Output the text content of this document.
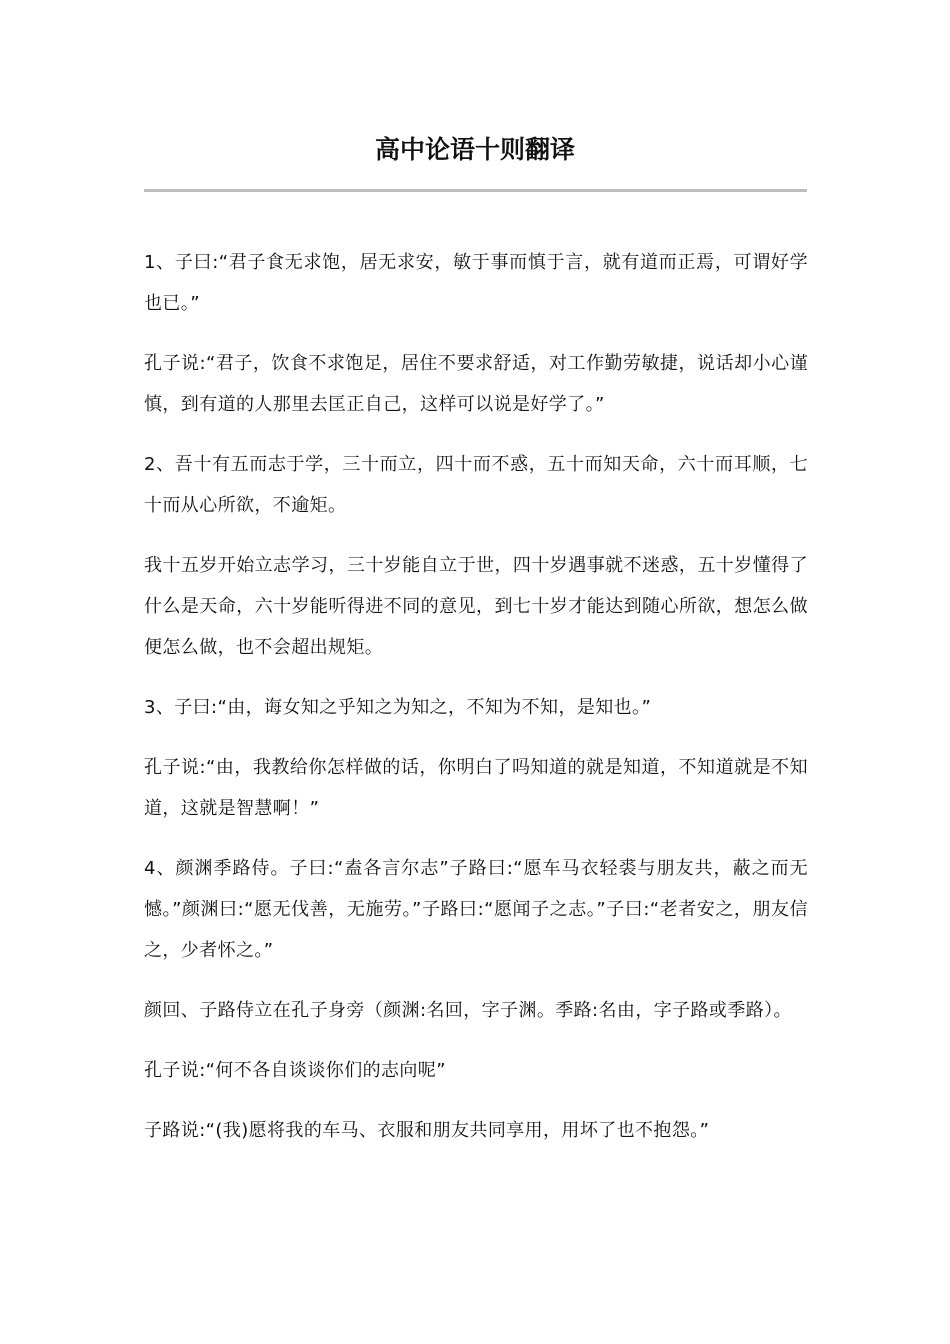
高中论语十则翻译

1、子曰:“君子食无求饱，居无求安，敏于事而慎于言，就有道而正焉，可谓好学也已。”

孔子说:“君子，饮食不求饱足，居住不要求舒适，对工作勤劳敏捷，说话却小心谨慎，到有道的人那里去匡正自己，这样可以说是好学了。”

2、吾十有五而志于学，三十而立，四十而不惑，五十而知天命，六十而耳顺，七十而从心所欲，不逾矩。

我十五岁开始立志学习，三十岁能自立于世，四十岁遇事就不迷惑，五十岁懂得了什么是天命，六十岁能听得进不同的意见，到七十岁才能达到随心所欲，想怎么做便怎么做，也不会超出规矩。

3、子曰:“由，诲女知之乎知之为知之，不知为不知，是知也。”

孔子说:“由，我教给你怎样做的话，你明白了吗知道的就是知道，不知道就是不知道，这就是智慧啊！”

4、颜渊季路侍。子曰:“盍各言尔志”子路曰:“愿车马衣轻裘与朋友共，蔽之而无憾。”颜渊曰:“愿无伐善，无施劳。”子路曰:“愿闻子之志。”子曰:“老者安之，朋友信之，少者怀之。”

颜回、子路侍立在孔子身旁（颜渊:名回，字子渊。季路:名由，字子路或季路）。

孔子说:“何不各自谈谈你们的志向呢”

子路说:“(我)愿将我的车马、衣服和朋友共同享用，用坏了也不抱怨。”
